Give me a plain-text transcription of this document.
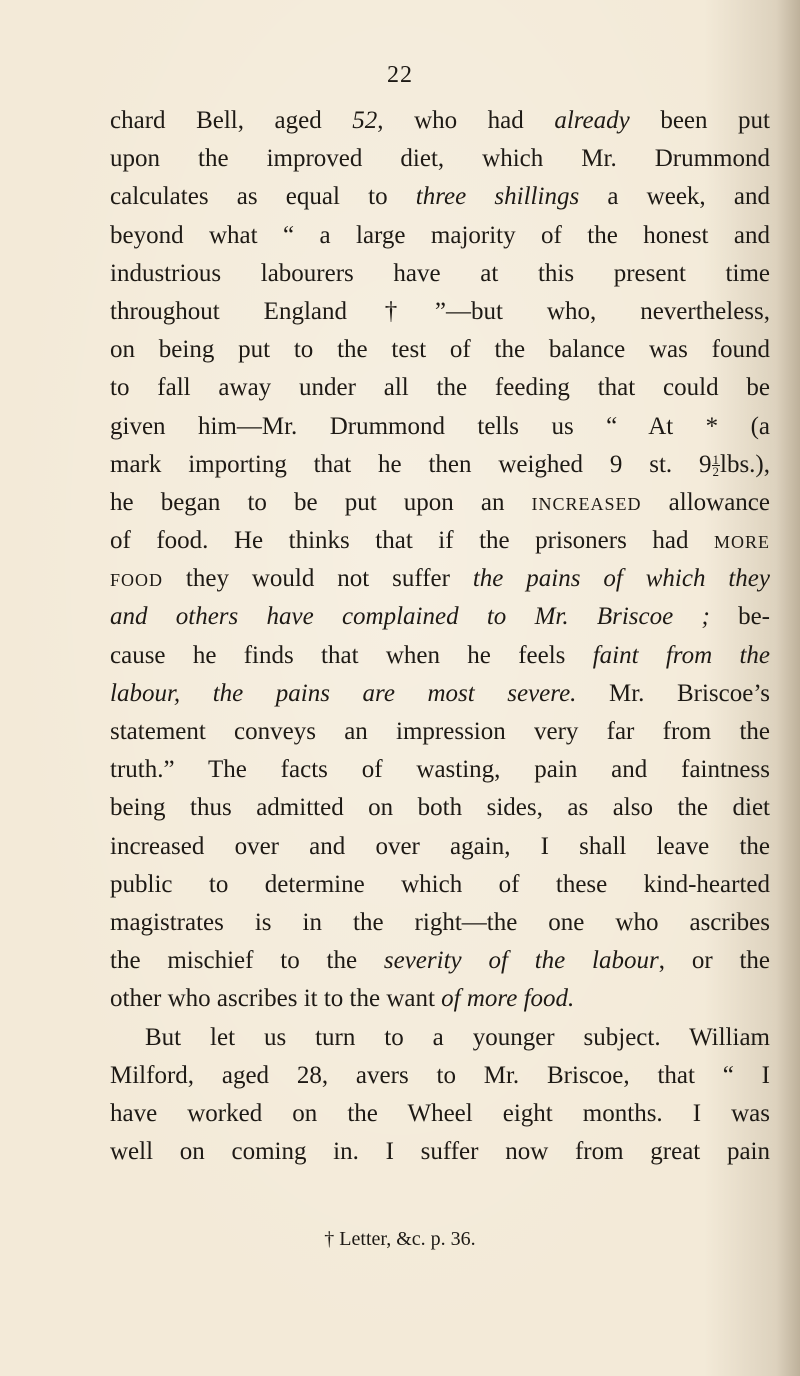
22
chard Bell, aged 52, who had already been put
upon the improved diet, which Mr. Drummond
calculates as equal to three shillings a week, and
beyond what “ a large majority of the honest and
industrious labourers have at this present time
throughout England†”—but who, nevertheless,
on being put to the test of the balance was found
to fall away under all the feeding that could be
given him—Mr. Drummond tells us “ At * (a
mark importing that he then weighed 9 st. $9 \frac{1}{2} lbs$.),
he began to be put upon an increased allowance
of food. He thinks that if the prisoners had more
food they would not suffer the pains of which they
and others have complained to Mr. Briscoe ; be-
cause he finds that when he feels faint from the
labour, the pains are most severe. Mr. Briscoe’s
statement conveys an impression very far from the
truth.” The facts of wasting, pain and faintness
being thus admitted on both sides, as also the diet
increased over and over again, I shall leave the
public to determine which of these kind-hearted
magistrates is in the right—the one who ascribes
the mischief to the severity of the labour, or the
other who ascribes it to the want of more food.
But let us turn to a younger subject. William
Milford, aged 28, avers to Mr. Briscoe, that “ I
have worked on the Wheel eight months. I was
well on coming in. I suffer now from great pain
† Letter, &c. p. 36.
